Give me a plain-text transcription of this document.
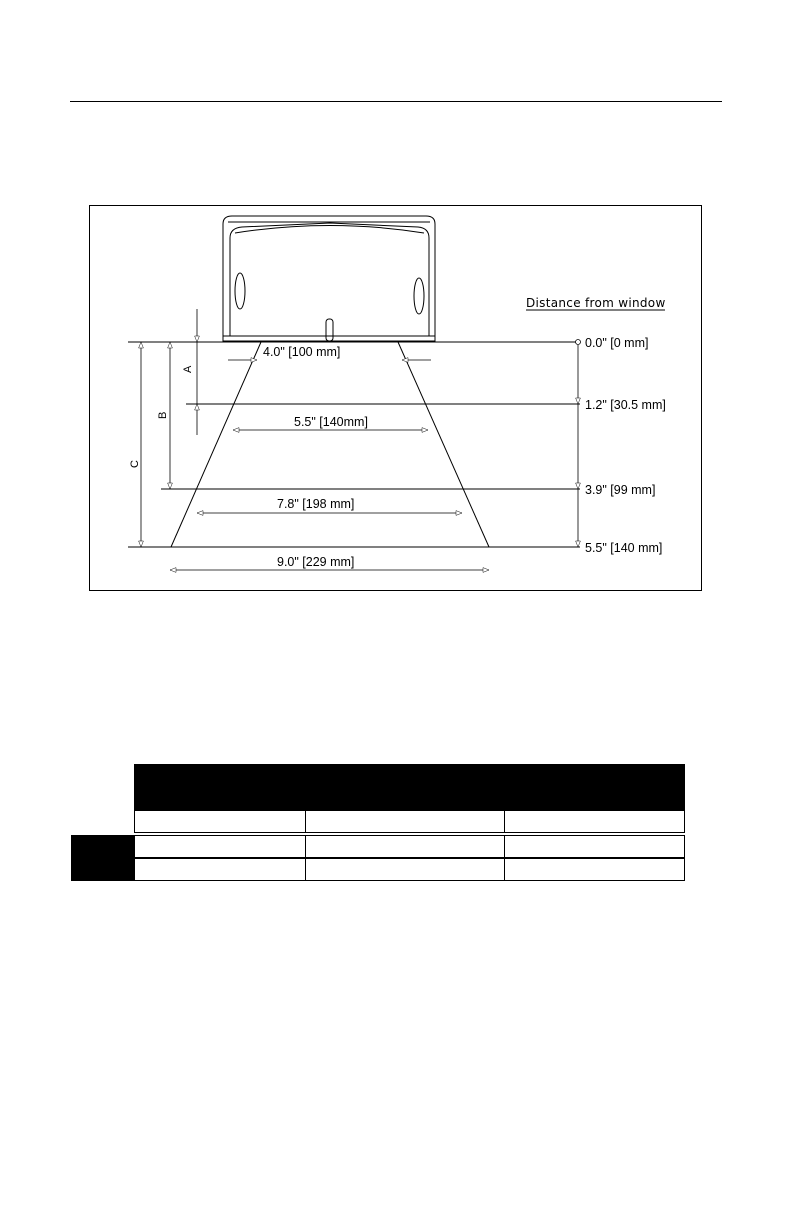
Distance from window
A
B
C
0.0" [0 mm]
1.2" [30.5 mm]
3.9" [99 mm]
5.5" [140 mm]
4.0" [100 mm]
5.5" [140mm]
7.8" [198 mm]
9.0" [229 mm]
